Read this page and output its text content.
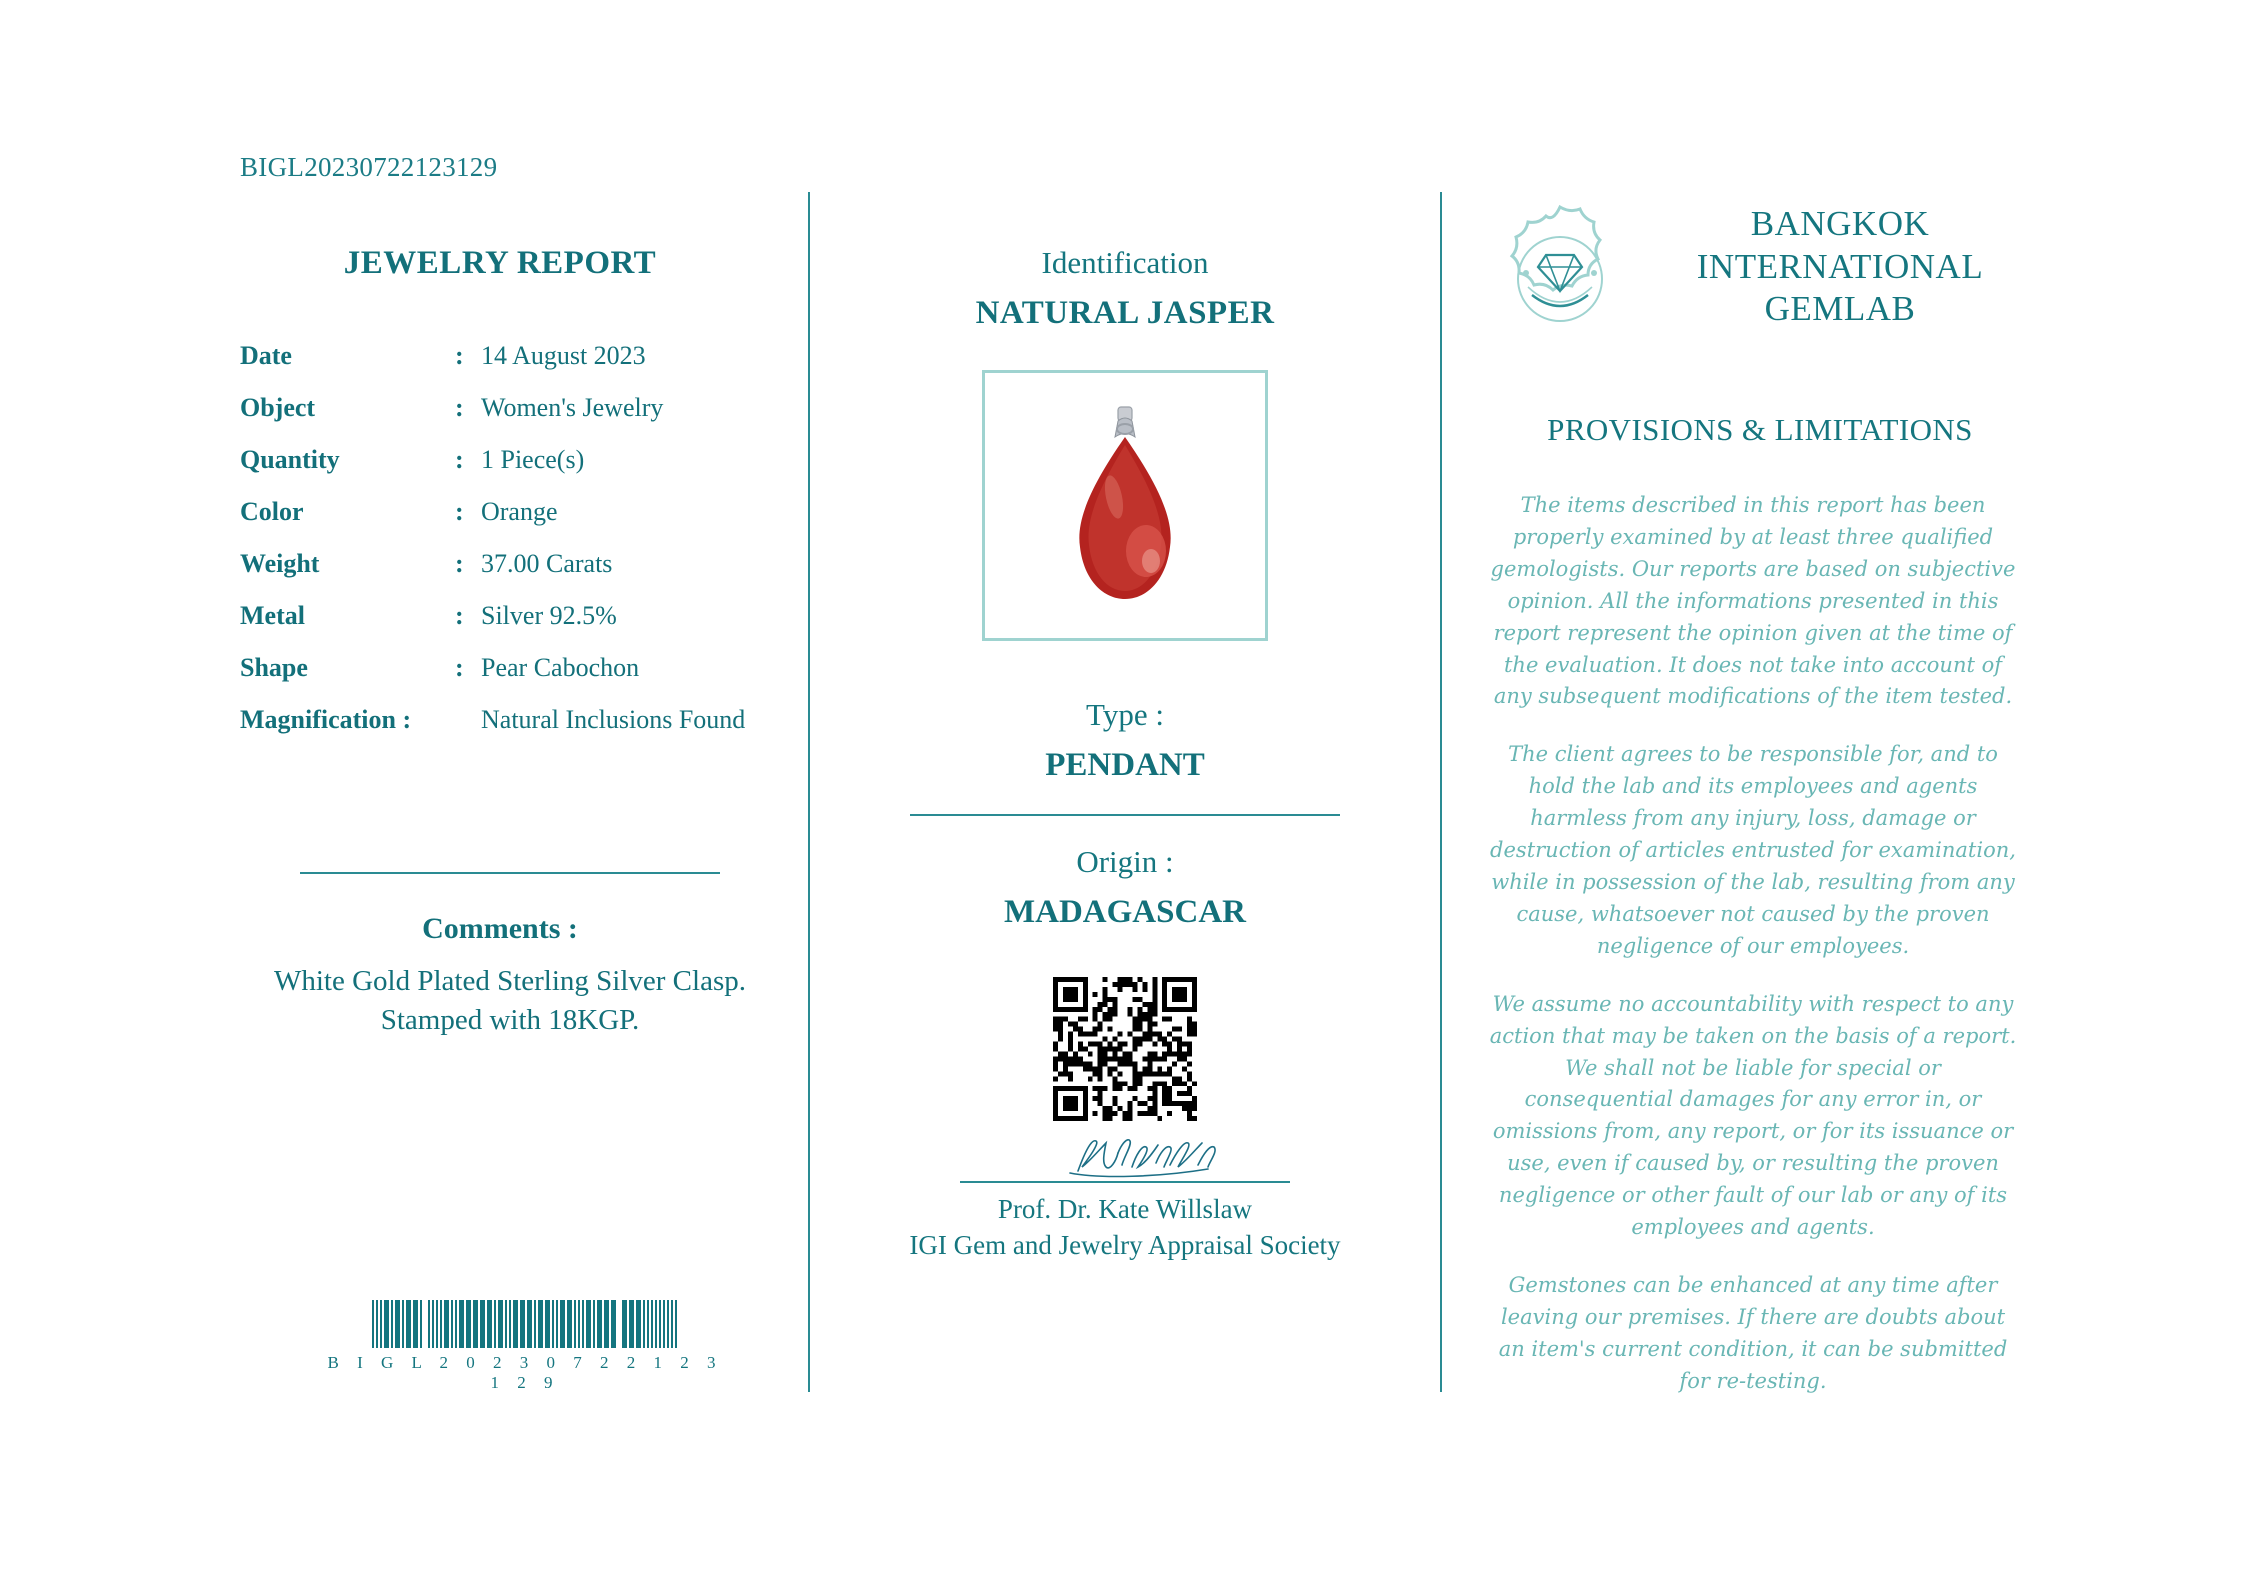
BIGL20230722123129
JEWELRY REPORT
Date	:	14 August 2023
Object	:	Women's Jewelry
Quantity	:	1 Piece(s)
Color	:	Orange
Weight	:	37.00 Carats
Metal	:	Silver 92.5%
Shape	:	Pear Cabochon
Magnification :		Natural Inclusions Found
Comments :
White Gold Plated Sterling Silver Clasp.
Stamped with 18KGP.
B I G L 2 0 2 3 0 7 2 2 1 2 3 1 2 9
Identification
NATURAL JASPER
Type :
PENDANT
Origin :
MADAGASCAR
Prof. Dr. Kate Willslaw
IGI Gem and Jewelry Appraisal Society
BANGKOK
INTERNATIONAL
GEMLAB
PROVISIONS & LIMITATIONS
The items described in this report has been properly examined by at least three qualified gemologists. Our reports are based on subjective opinion. All the informations presented in this report represent the opinion given at the time of the evaluation. It does not take into account of any subsequent modifications of the item tested.
The client agrees to be responsible for, and to hold the lab and its employees and agents harmless from any injury, loss, damage or destruction of articles entrusted for examination, while in possession of the lab, resulting from any cause, whatsoever not caused by the proven negligence of our employees.
We assume no accountability with respect to any action that may be taken on the basis of a report. We shall not be liable for special or consequential damages for any error in, or omissions from, any report, or for its issuance or use, even if caused by, or resulting the proven negligence or other fault of our lab or any of its employees and agents.
Gemstones can be enhanced at any time after leaving our premises. If there are doubts about an item's current condition, it can be submitted for re-testing.
